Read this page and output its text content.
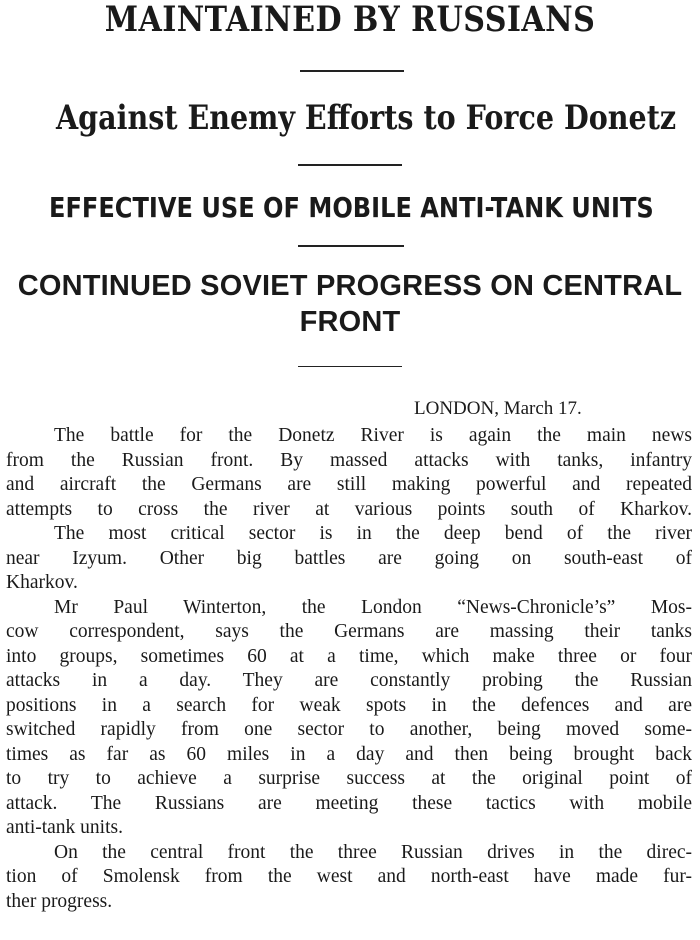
MAINTAINED BY RUSSIANS
Against Enemy Efforts to Force Donetz
EFFECTIVE USE OF MOBILE ANTI-TANK UNITS
CONTINUED SOVIET PROGRESS ON CENTRAL FRONT
LONDON, March 17.
The battle for the Donetz River is again the main news
from the Russian front. By massed attacks with tanks, infantry
and aircraft the Germans are still making powerful and repeated
attempts to cross the river at various points south of Kharkov.
The most critical sector is in the deep bend of the river
near Izyum. Other big battles are going on south-east of
Kharkov.
Mr Paul Winterton, the London “News-Chronicle’s” Mos-
cow correspondent, says the Germans are massing their tanks
into groups, sometimes 60 at a time, which make three or four
attacks in a day. They are constantly probing the Russian
positions in a search for weak spots in the defences and are
switched rapidly from one sector to another, being moved some-
times as far as 60 miles in a day and then being brought back
to try to achieve a surprise success at the original point of
attack. The Russians are meeting these tactics with mobile
anti-tank units.
On the central front the three Russian drives in the direc-
tion of Smolensk from the west and north-east have made fur-
ther progress.
